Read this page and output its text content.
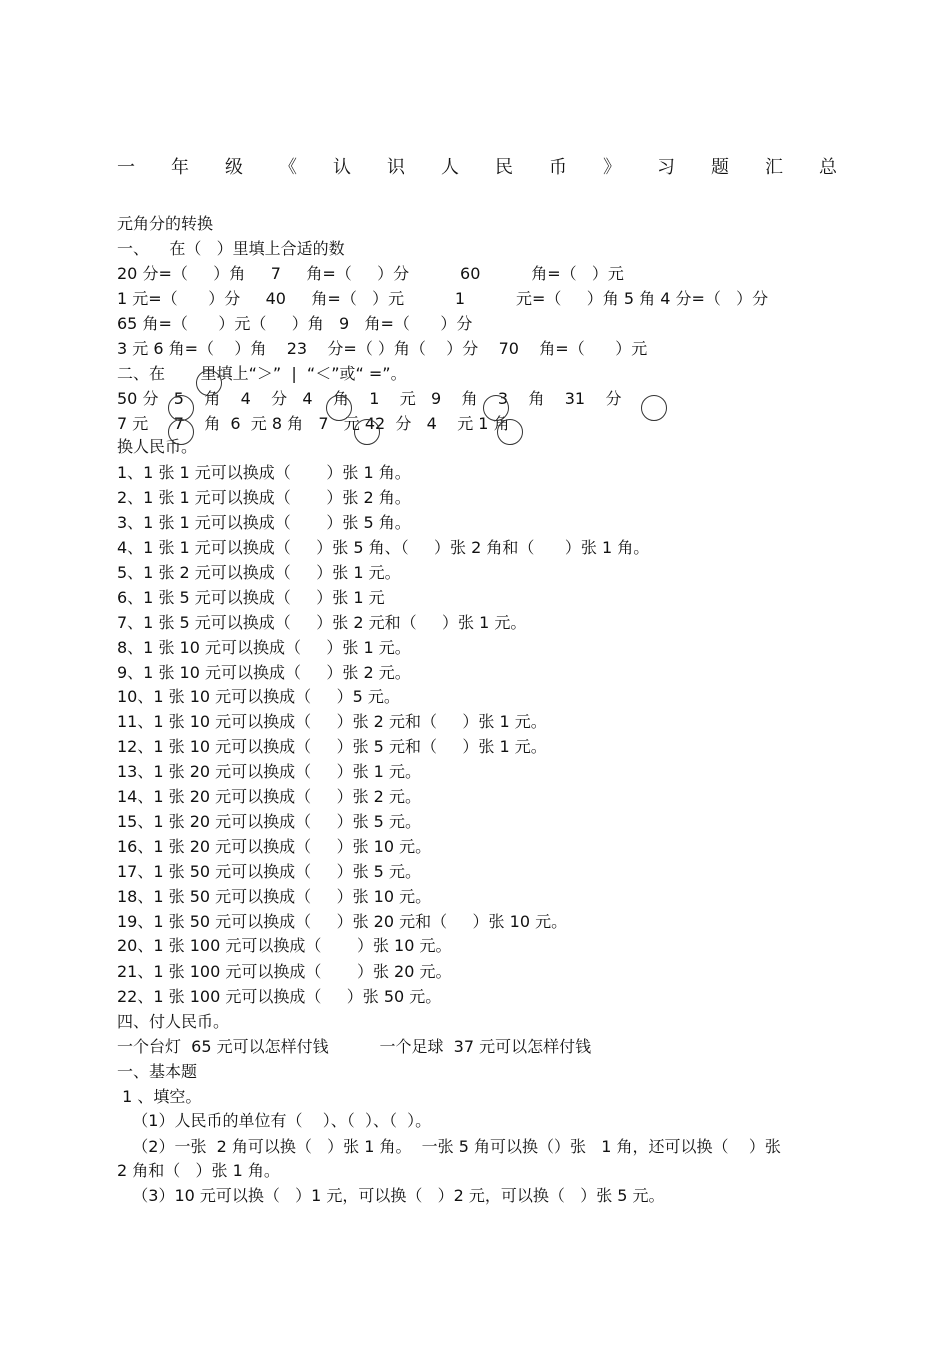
一 年 级 《 认 识 人 民 币 》 习 题 汇 总
元角分的转换
一、    在（   ）里填上合适的数
20 分=（     ）角     7     角=（     ）分          60          角=（   ）元
1 元=（      ）分     40     角=（   ）元          1          元=（     ）角 5 角 4 分=（   ）分
65 角=（      ）元（     ）角   9   角=（      ）分
3 元 6 角=（    ）角    23    分=（ ）角（    ）分    70    角=（      ）元
二、在       里填上“＞”  |  “＜”或“ =”。
50 分   5    角    4    分   4    角    1    元   9    角    3    角    31    分
7 元     7    角  6  元 8 角   7   元 42  分   4    元 1 角
换人民币。
1、1 张 1 元可以换成（       ）张 1 角。
2、1 张 1 元可以换成（       ）张 2 角。
3、1 张 1 元可以换成（       ）张 5 角。
4、1 张 1 元可以换成（     ）张 5 角、（     ）张 2 角和（      ）张 1 角。
5、1 张 2 元可以换成（     ）张 1 元。
6、1 张 5 元可以换成（     ）张 1 元
7、1 张 5 元可以换成（     ）张 2 元和（     ）张 1 元。
8、1 张 10 元可以换成（     ）张 1 元。
9、1 张 10 元可以换成（     ）张 2 元。
10、1 张 10 元可以换成（     ）5 元。
11、1 张 10 元可以换成（     ）张 2 元和（     ）张 1 元。
12、1 张 10 元可以换成（     ）张 5 元和（     ）张 1 元。
13、1 张 20 元可以换成（     ）张 1 元。
14、1 张 20 元可以换成（     ）张 2 元。
15、1 张 20 元可以换成（     ）张 5 元。
16、1 张 20 元可以换成（     ）张 10 元。
17、1 张 50 元可以换成（     ）张 5 元。
18、1 张 50 元可以换成（     ）张 10 元。
19、1 张 50 元可以换成（     ）张 20 元和（     ）张 10 元。
20、1 张 100 元可以换成（       ）张 10 元。
21、1 张 100 元可以换成（       ）张 20 元。
22、1 张 100 元可以换成（     ）张 50 元。
四、付人民币。
一个台灯  65 元可以怎样付钱          一个足球  37 元可以怎样付钱
一、基本题
1 、填空。
（1）人民币的单位有（    ）、（  ）、（  ）。
（2）一张  2 角可以换（   ）张 1 角。  一张 5 角可以换（）张   1 角，还可以换（    ）张
2 角和（   ）张 1 角。
（3）10 元可以换（   ）1 元，可以换（   ）2 元，可以换（   ）张 5 元。
